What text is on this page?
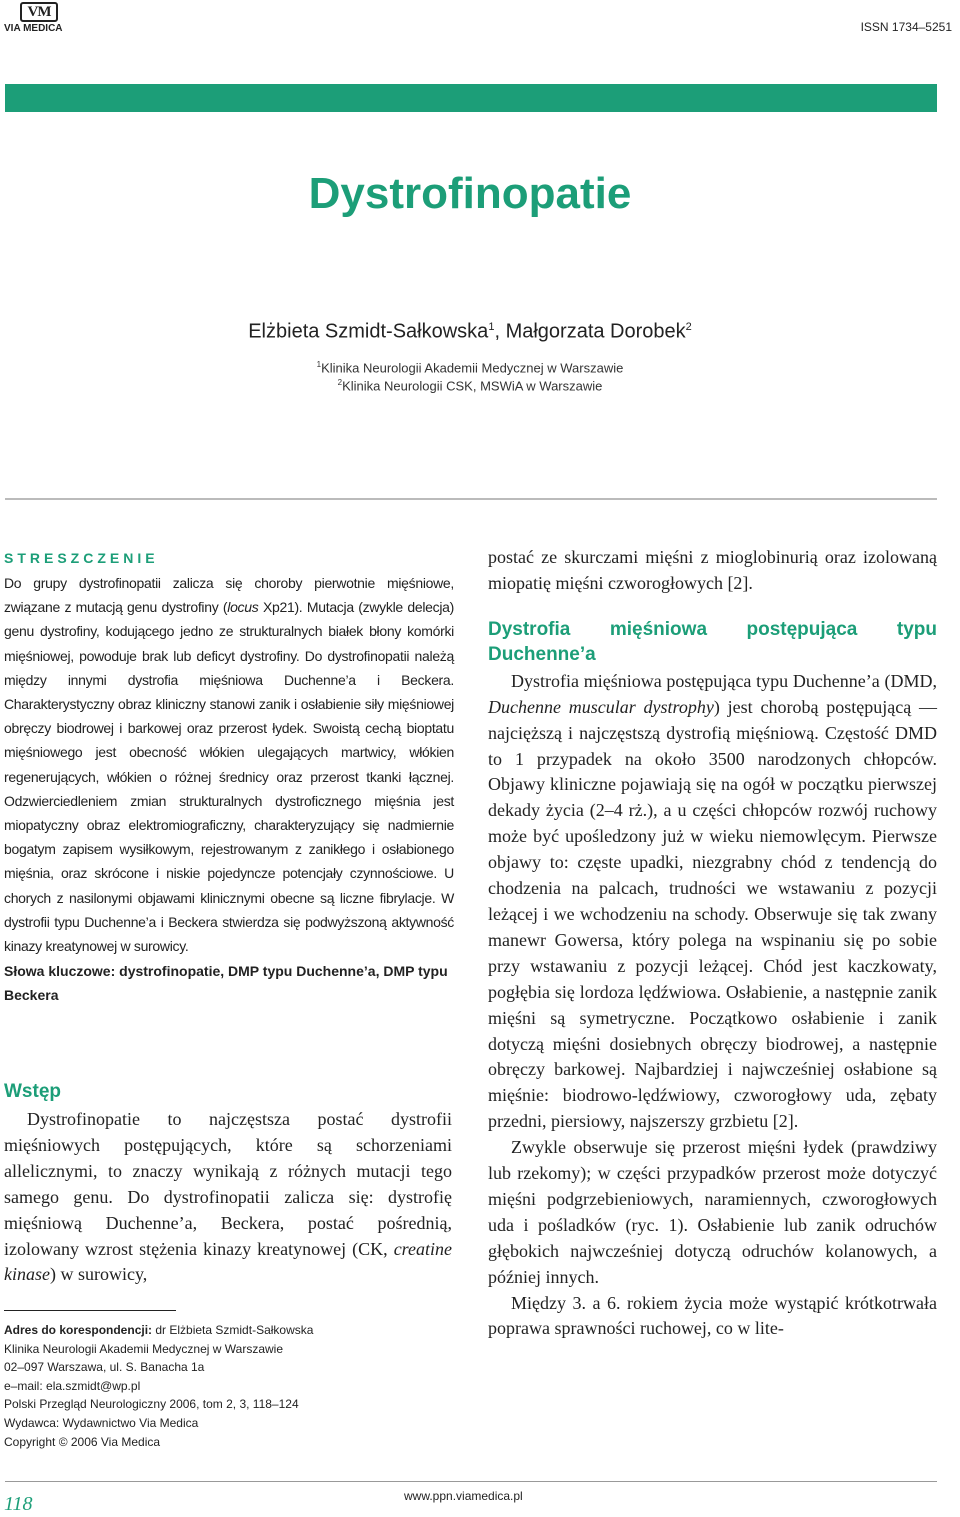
VM
VIA MEDICA	ISSN 1734–5251
Dystrofinopatie
Elżbieta Szmidt-Sałkowska$^1$, Małgorzata Dorobek$^2$
$^1$Klinika Neurologii Akademii Medycznej w Warszawie
$^2$Klinika Neurologii CSK, MSWiA w Warszawie
STRESZCZENIE
Do grupy dystrofinopatii zalicza się choroby pierwotnie mięśniowe, związane z mutacją genu dystrofiny (locus Xp21). Mutacja (zwykle delecja) genu dystrofiny, kodującego jedno ze strukturalnych białek błony komórki mięśniowej, powoduje brak lub deficyt dystrofiny. Do dystrofinopatii należą między innymi dystrofia mięśniowa Duchenne’a i Beckera. Charakterystyczny obraz kliniczny stanowi zanik i osłabienie siły mięśniowej obręczy biodrowej i barkowej oraz przerost łydek. Swoistą cechą bioptatu mięśniowego jest obecność włókien ulegających martwicy, włókien regenerujących, włókien o różnej średnicy oraz przerost tkanki łącznej. Odzwierciedleniem zmian strukturalnych dystroficznego mięśnia jest miopatyczny obraz elektromiograficzny, charakteryzujący się nadmiernie bogatym zapisem wysiłkowym, rejestrowanym z zanikłego i osłabionego mięśnia, oraz skrócone i niskie pojedyncze potencjały czynnościowe. U chorych z nasilonymi objawami klinicznymi obecne są liczne fibrylacje. W dystrofii typu Duchenne’a i Beckera stwierdza się podwyższoną aktywność kinazy kreatynowej w surowicy.
Słowa kluczowe: dystrofinopatie, DMP typu Duchenne’a, DMP typu Beckera
Wstęp

Dystrofinopatie to najczęstsza postać dystrofii mięśniowych postępujących, które są schorzeniami allelicznymi, to znaczy wynikają z różnych mutacji tego samego genu. Do dystrofinopatii zalicza się: dystrofię mięśniową Duchenne’a, Beckera, postać pośrednią, izolowany wzrost stężenia kinazy kreatynowej (CK, creatine kinase) w surowicy,

postać ze skurczami mięśni z mioglobinurią oraz izolowaną miopatię mięśni czworogłowych [2].

Dystrofia mięśniowa postępująca typu Duchenne’a

Dystrofia mięśniowa postępująca typu Duchenne’a (DMD, Duchenne muscular dystrophy) jest chorobą postępującą — najcięższą i najczęstszą dystrofią mięśniową. Częstość DMD to 1 przypadek na około 3500 narodzonych chłopców. Objawy kliniczne pojawiają się na ogół w początku pierwszej dekady życia (2–4 rż.), a u części chłopców rozwój ruchowy może być upośledzony już w wieku niemowlęcym. Pierwsze objawy to: częste upadki, niezgrabny chód z tendencją do chodzenia na palcach, trudności we wstawaniu z pozycji leżącej i we wchodzeniu na schody. Obserwuje się tak zwany manewr Gowersa, który polega na wspinaniu się po sobie przy wstawaniu z pozycji leżącej. Chód jest kaczkowaty, pogłębia się lordoza lędźwiowa. Osłabienie, a następnie zanik mięśni są symetryczne. Początkowo osłabienie i zanik dotyczą mięśni dosiebnych obręczy biodrowej, a następnie obręczy barkowej. Najbardziej i najwcześniej osłabione są mięśnie: biodrowo-lędźwiowy, czworogłowy uda, zębaty przedni, piersiowy, najszerszy grzbietu [2].

Zwykle obserwuje się przerost mięśni łydek (prawdziwy lub rzekomy); w części przypadków przerost może dotyczyć mięśni podgrzebieniowych, naramiennych, czworogłowych uda i pośladków (ryc. 1). Osłabienie lub zanik odruchów głębokich najwcześniej dotyczą odruchów kolanowych, a później innych.

Między 3. a 6. rokiem życia może wystąpić krótkotrwała poprawa sprawności ruchowej, co w lite-

Adres do korespondencji: dr Elżbieta Szmidt-Sałkowska
Klinika Neurologii Akademii Medycznej w Warszawie
02–097 Warszawa, ul. S. Banacha 1a
e–mail: ela.szmidt@wp.pl
Polski Przegląd Neurologiczny 2006, tom 2, 3, 118–124
Wydawca: Wydawnictwo Via Medica
Copyright © 2006 Via Medica
118	www.ppn.viamedica.pl
